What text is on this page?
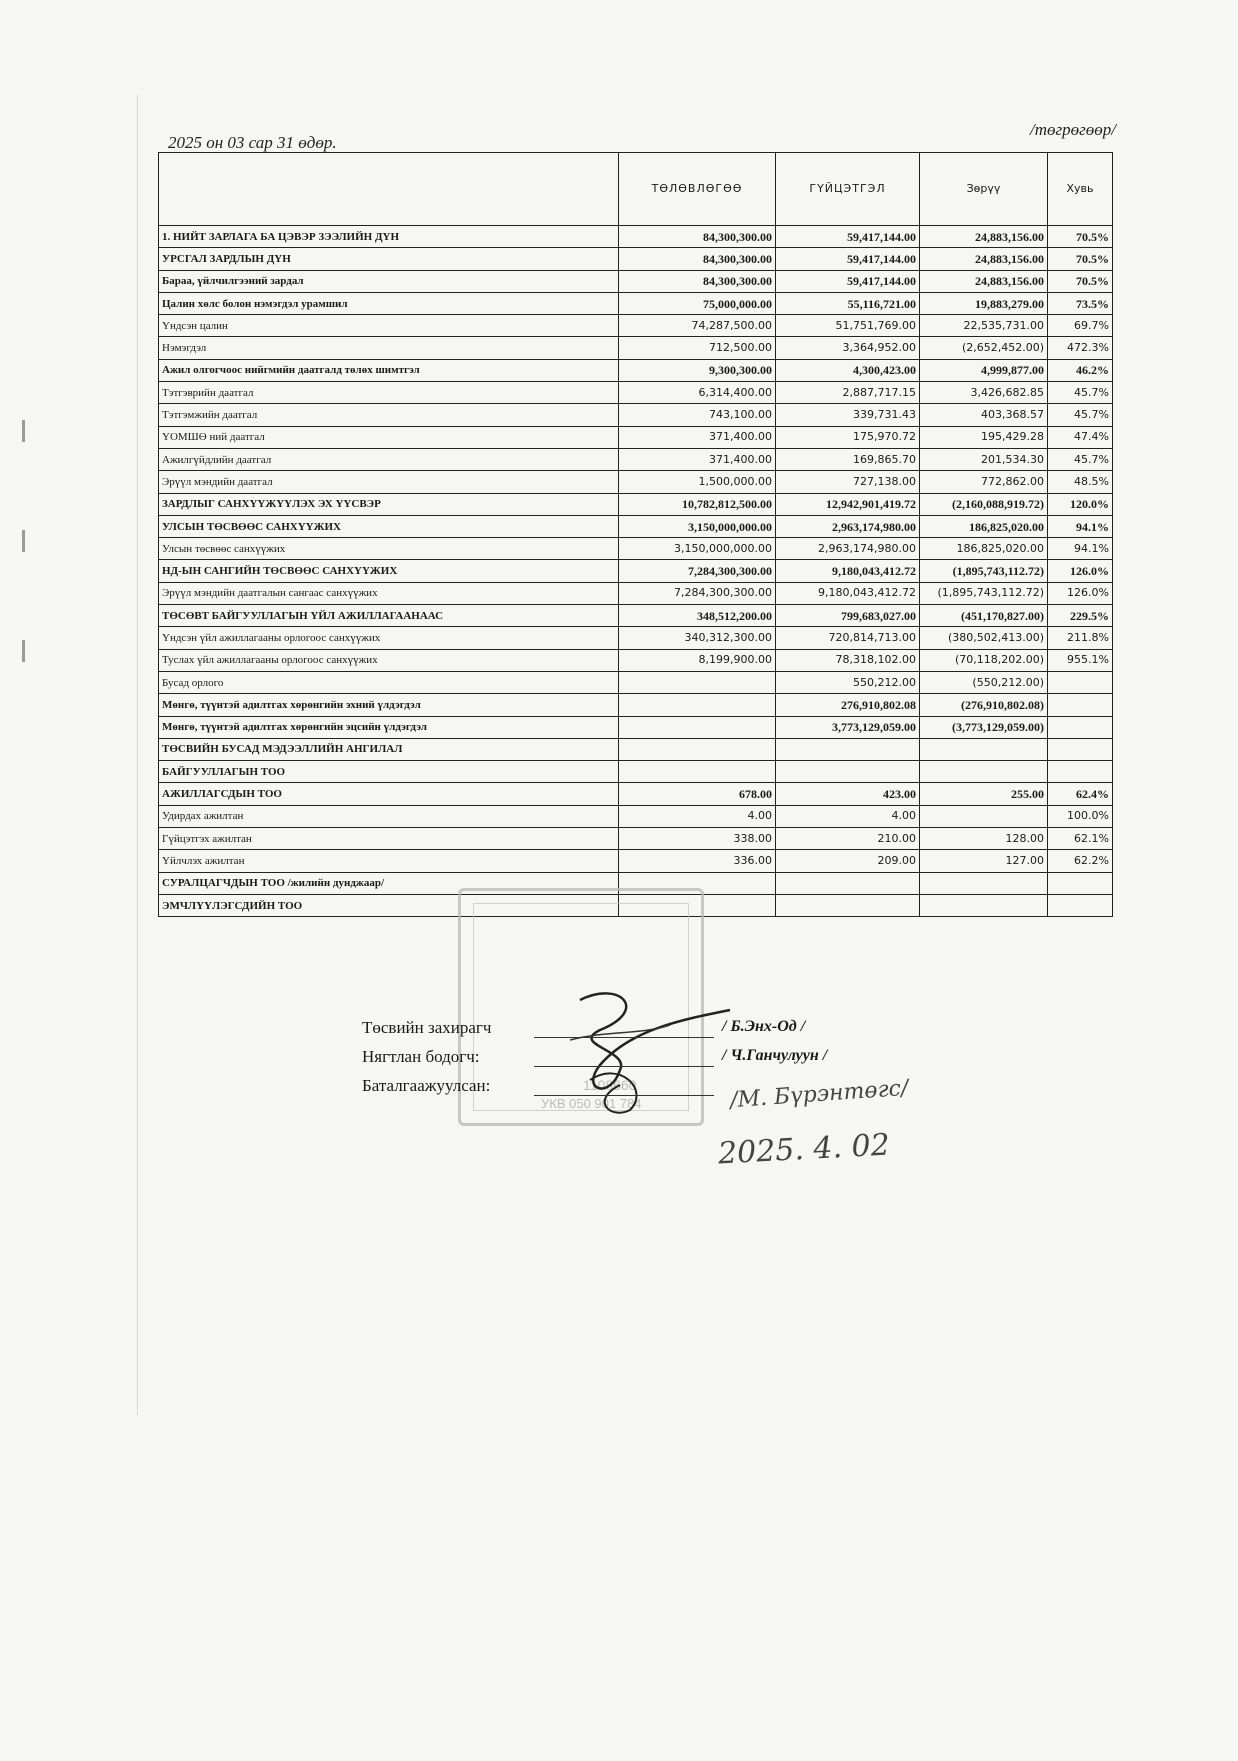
2025 он 03 сар 31 өдөр.
/төгрөгөөр/
	ТӨЛӨВЛӨГӨӨ	ГҮЙЦЭТГЭЛ	Зөрүү	Хувь
1. НИЙТ ЗАРЛАГА БА ЦЭВЭР ЗЭЭЛИЙН ДҮН	84,300,300.00	59,417,144.00	24,883,156.00	70.5%
УРСГАЛ ЗАРДЛЫН ДҮН	84,300,300.00	59,417,144.00	24,883,156.00	70.5%
Бараа, үйлчилгээний зардал	84,300,300.00	59,417,144.00	24,883,156.00	70.5%
Цалин хөлс болон нэмэгдэл урамшил	75,000,000.00	55,116,721.00	19,883,279.00	73.5%
Үндсэн цалин	74,287,500.00	51,751,769.00	22,535,731.00	69.7%
Нэмэгдэл	712,500.00	3,364,952.00	(2,652,452.00)	472.3%
Ажил олгогчоос нийгмийн даатгалд төлөх шимтгэл	9,300,300.00	4,300,423.00	4,999,877.00	46.2%
Тэтгэврийн даатгал	6,314,400.00	2,887,717.15	3,426,682.85	45.7%
Тэтгэмжийн даатгал	743,100.00	339,731.43	403,368.57	45.7%
ҮОМШӨ ний даатгал	371,400.00	175,970.72	195,429.28	47.4%
Ажилгүйдлийн даатгал	371,400.00	169,865.70	201,534.30	45.7%
Эрүүл мэндийн даатгал	1,500,000.00	727,138.00	772,862.00	48.5%
ЗАРДЛЫГ САНХҮҮЖҮҮЛЭХ ЭХ ҮҮСВЭР	10,782,812,500.00	12,942,901,419.72	(2,160,088,919.72)	120.0%
УЛСЫН ТӨСВӨӨС САНХҮҮЖИХ	3,150,000,000.00	2,963,174,980.00	186,825,020.00	94.1%
Улсын төсвөөс санхүүжих	3,150,000,000.00	2,963,174,980.00	186,825,020.00	94.1%
НД-ЫН САНГИЙН ТӨСВӨӨС САНХҮҮЖИХ	7,284,300,300.00	9,180,043,412.72	(1,895,743,112.72)	126.0%
Эрүүл мэндийн даатгалын сангаас санхүүжих	7,284,300,300.00	9,180,043,412.72	(1,895,743,112.72)	126.0%
ТӨСӨВТ БАЙГУУЛЛАГЫН ҮЙЛ АЖИЛЛАГААНААС	348,512,200.00	799,683,027.00	(451,170,827.00)	229.5%
Үндсэн үйл ажиллагааны орлогоос санхүүжих	340,312,300.00	720,814,713.00	(380,502,413.00)	211.8%
Туслах үйл ажиллагааны орлогоос санхүүжих	8,199,900.00	78,318,102.00	(70,118,202.00)	955.1%
Бусад орлого		550,212.00	(550,212.00)	
Мөнгө, түүнтэй адилтгах хөрөнгийн эхний үлдэгдэл		276,910,802.08	(276,910,802.08)	
Мөнгө, түүнтэй адилтгах хөрөнгийн эцсийн үлдэгдэл		3,773,129,059.00	(3,773,129,059.00)	
ТӨСВИЙН БУСАД МЭДЭЭЛЛИЙН АНГИЛАЛ				
БАЙГУУЛЛАГЫН ТОО				
АЖИЛЛАГСДЫН ТОО	678.00	423.00	255.00	62.4%
Удирдах ажилтан	4.00	4.00		100.0%
Гүйцэтгэх ажилтан	338.00	210.00	128.00	62.1%
Үйлчлэх ажилтан	336.00	209.00	127.00	62.2%
СУРАЛЦАГЧДЫН ТОО /жилийн дунджаар/				
ЭМЧЛҮҮЛЭГСДИЙН ТОО				
1108660
УКВ 050 901 784
Төсвийн захирагч	/ Б.Энх-Од /
Нягтлан бодогч:	/ Ч.Ганчулуун /
Баталгаажуулсан:	/М. Бүрэнтөгс/
2025. 4. 02
